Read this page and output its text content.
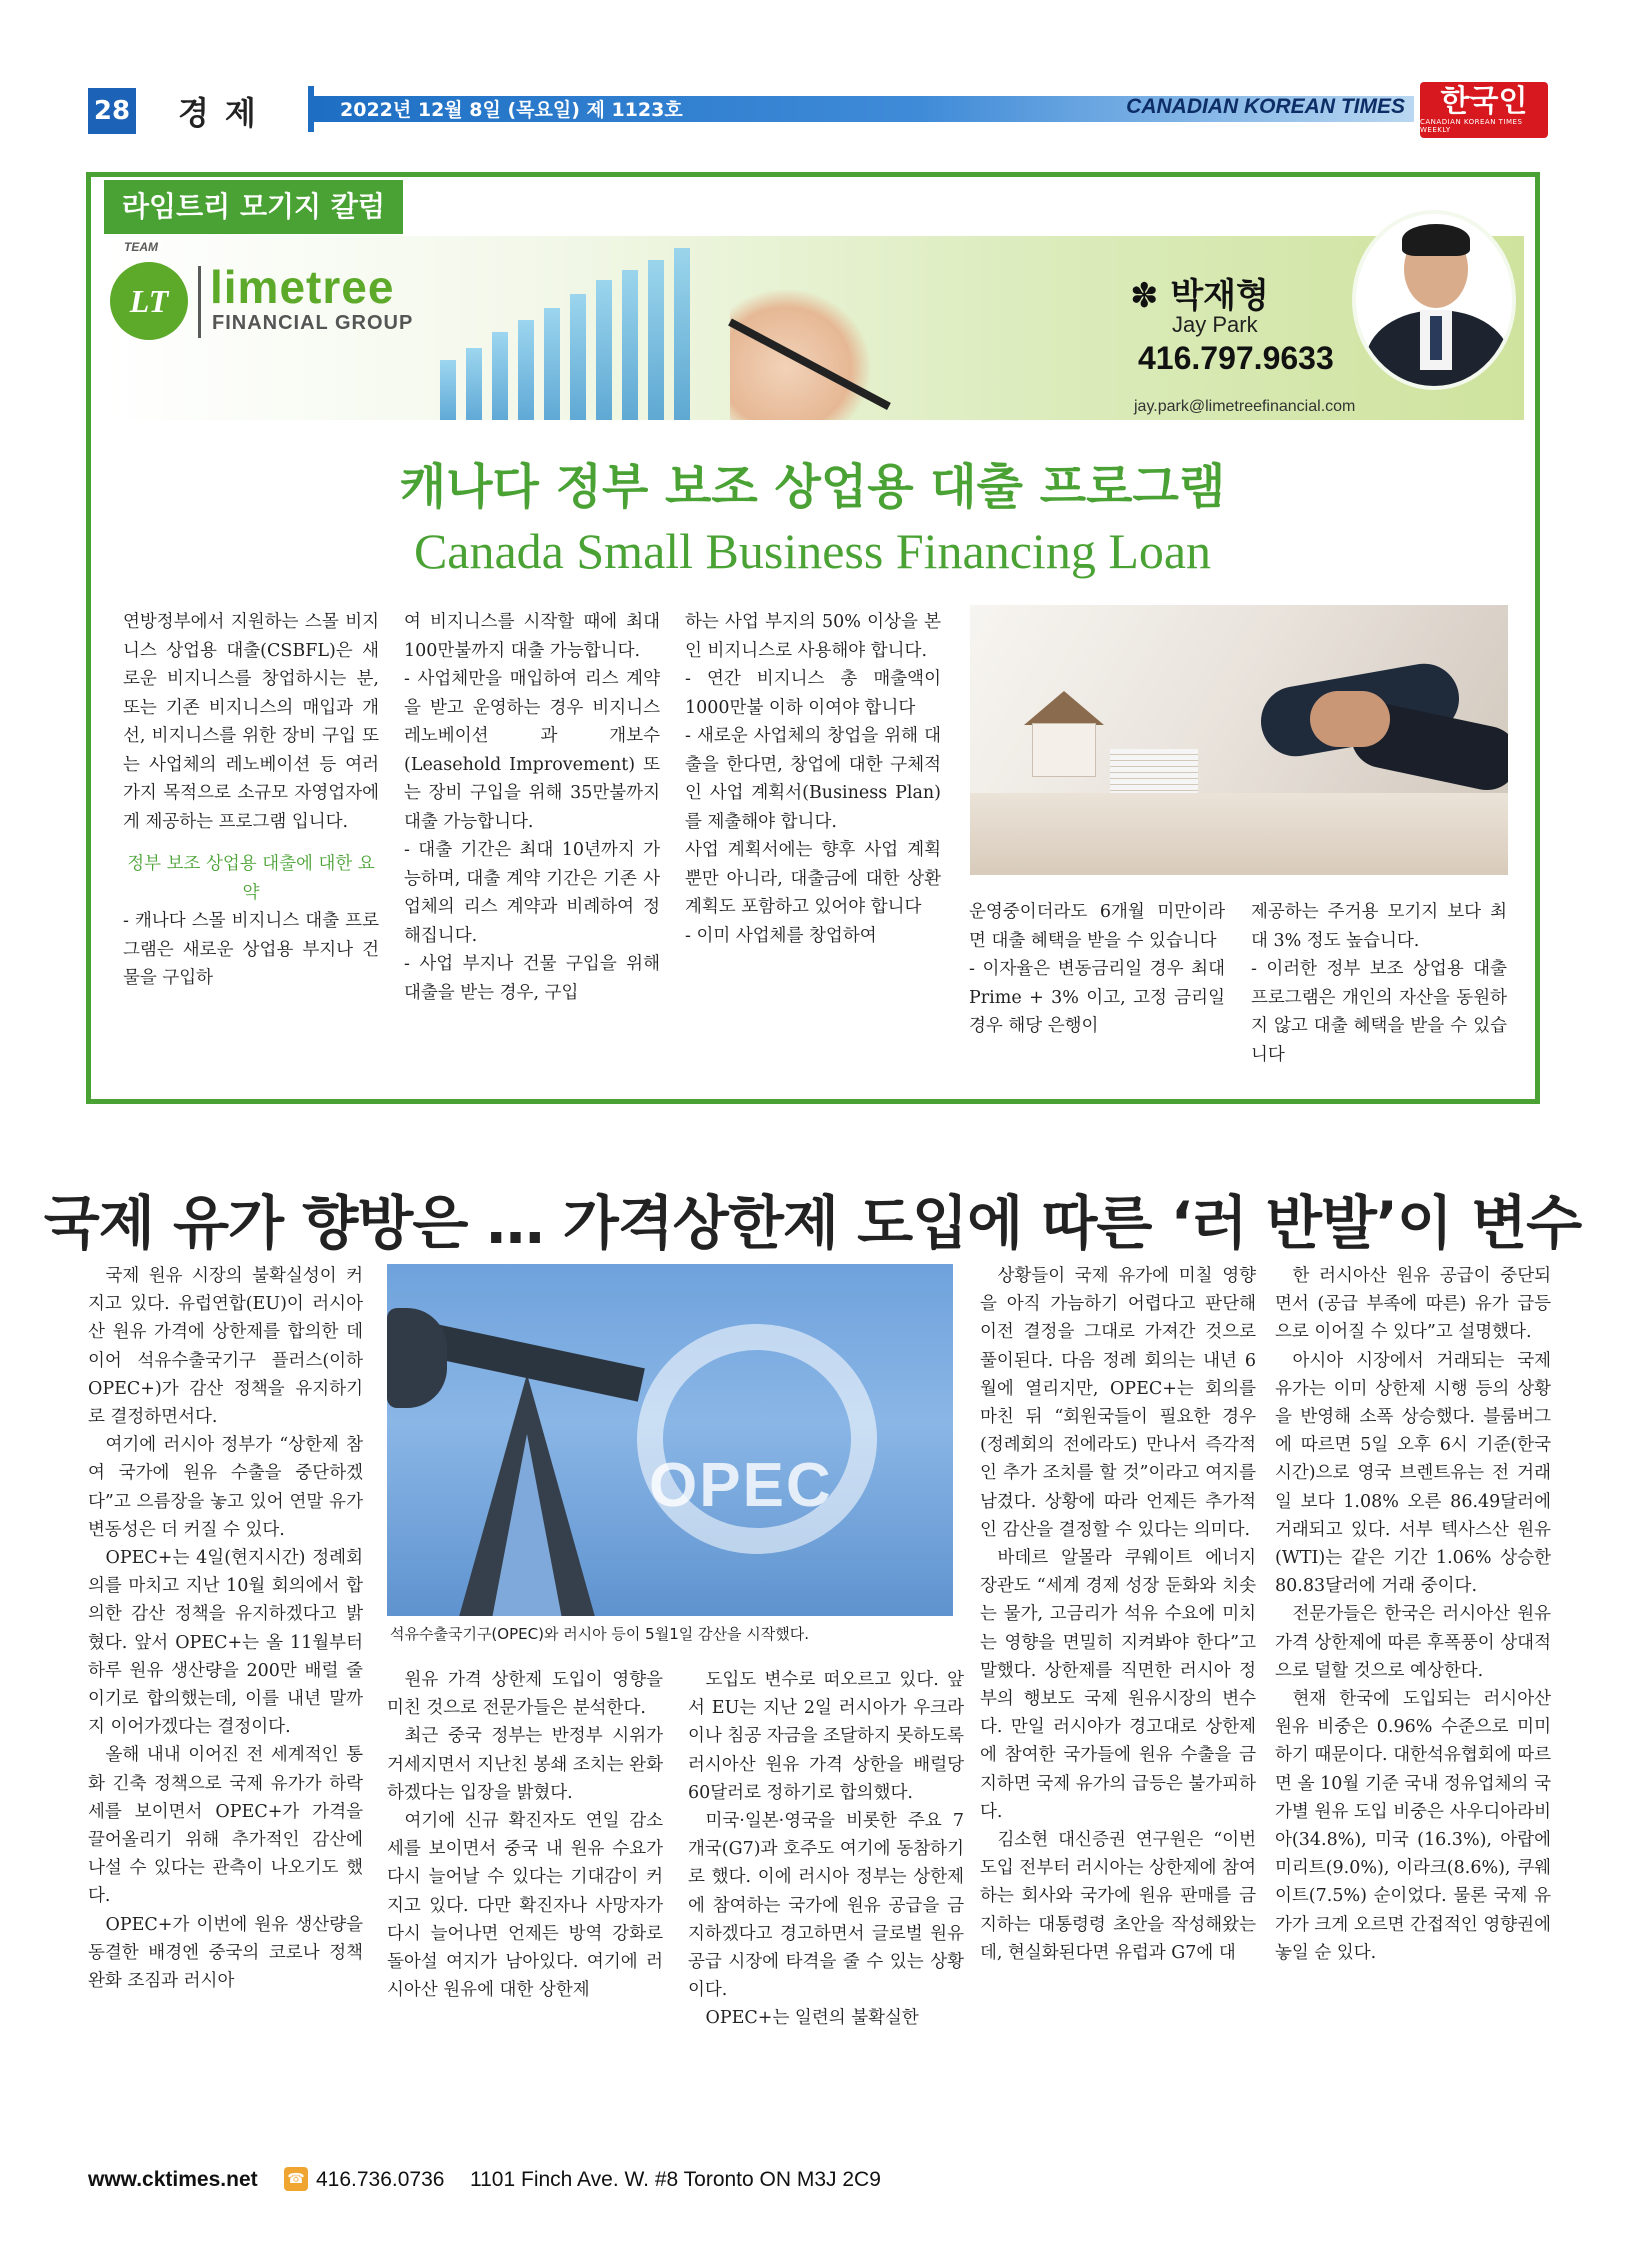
28 경제	2022년 12월 8일 (목요일) 제 1123호	CANADIAN KOREAN TIMES 한국인
CANADIAN KOREAN TIMES WEEKLY
라임트리 모기지 칼럼
TEAM
LT limetree
FINANCIAL GROUP
✽ 박재형
Jay Park
416.797.9633
jay.park@limetreefinancial.com
캐나다 정부 보조 상업용 대출 프로그램
Canada Small Business Financing Loan

연방정부에서 지원하는 스몰 비지니스 상업용 대출(CSBFL)은 새로운 비지니스를 창업하시는 분, 또는 기존 비지니스의 매입과 개선, 비지니스를 위한 장비 구입 또는 사업체의 레노베이션 등 여러 가지 목적으로 소규모 자영업자에게 제공하는 프로그램 입니다.

정부 보조 상업용 대출에 대한 요약

- 캐나다 스몰 비지니스 대출 프로그램은 새로운 상업용 부지나 건물을 구입하

여 비지니스를 시작할 때에 최대 100만불까지 대출 가능합니다.

- 사업체만을 매입하여 리스 계약을 받고 운영하는 경우 비지니스 레노베이션 과 개보수 (Leasehold Improvement) 또는 장비 구입을 위해 35만불까지 대출 가능합니다.

- 대출 기간은 최대 10년까지 가능하며, 대출 계약 기간은 기존 사업체의 리스 계약과 비례하여 정해집니다.

- 사업 부지나 건물 구입을 위해 대출을 받는 경우, 구입

하는 사업 부지의 50% 이상을 본인 비지니스로 사용해야 합니다.

- 연간 비지니스 총 매출액이 1000만불 이하 이여야 합니다

- 새로운 사업체의 창업을 위해 대출을 한다면, 창업에 대한 구체적인 사업 계획서(Business Plan)를 제출해야 합니다.

사업 계획서에는 향후 사업 계획뿐만 아니라, 대출금에 대한 상환 계획도 포함하고 있어야 합니다

- 이미 사업체를 창업하여

운영중이더라도 6개월 미만이라면 대출 혜택을 받을 수 있습니다

- 이자율은 변동금리일 경우 최대Prime + 3% 이고, 고정 금리일 경우 해당 은행이

제공하는 주거용 모기지 보다 최대 3% 정도 높습니다.

- 이러한 정부 보조 상업용 대출 프로그램은 개인의 자산을 동원하지 않고 대출 혜택을 받을 수 있습니다

국제 유가 향방은 … 가격상한제 도입에 따른 ‘러 반발’이 변수

국제 원유 시장의 불확실성이 커지고 있다. 유럽연합(EU)이 러시아산 원유 가격에 상한제를 합의한 데 이어 석유수출국기구 플러스(이하 OPEC+)가 감산 정책을 유지하기로 결정하면서다.

여기에 러시아 정부가 “상한제 참여 국가에 원유 수출을 중단하겠다”고 으름장을 놓고 있어 연말 유가 변동성은 더 커질 수 있다.

OPEC+는 4일(현지시간) 정례회의를 마치고 지난 10월 회의에서 합의한 감산 정책을 유지하겠다고 밝혔다. 앞서 OPEC+는 올 11월부터 하루 원유 생산량을 200만 배럴 줄이기로 합의했는데, 이를 내년 말까지 이어가겠다는 결정이다.

올해 내내 이어진 전 세계적인 통화 긴축 정책으로 국제 유가가 하락세를 보이면서 OPEC+가 가격을 끌어올리기 위해 추가적인 감산에 나설 수 있다는 관측이 나오기도 했다.

OPEC+가 이번에 원유 생산량을 동결한 배경엔 중국의 코로나 정책 완화 조짐과 러시아

OPEC
석유수출국기구(OPEC)와 러시아 등이 5월1일 감산을 시작했다.

원유 가격 상한제 도입이 영향을 미친 것으로 전문가들은 분석한다.

최근 중국 정부는 반정부 시위가 거세지면서 지난친 봉쇄 조치는 완화하겠다는 입장을 밝혔다.

여기에 신규 확진자도 연일 감소세를 보이면서 중국 내 원유 수요가 다시 늘어날 수 있다는 기대감이 커지고 있다. 다만 확진자나 사망자가 다시 늘어나면 언제든 방역 강화로 돌아설 여지가 남아있다. 여기에 러시아산 원유에 대한 상한제

도입도 변수로 떠오르고 있다. 앞서 EU는 지난 2일 러시아가 우크라이나 침공 자금을 조달하지 못하도록 러시아산 원유 가격 상한을 배럴당 60달러로 정하기로 합의했다.

미국·일본·영국을 비롯한 주요 7개국(G7)과 호주도 여기에 동참하기로 했다. 이에 러시아 정부는 상한제에 참여하는 국가에 원유 공급을 금지하겠다고 경고하면서 글로벌 원유 공급 시장에 타격을 줄 수 있는 상황이다.

OPEC+는 일련의 불확실한

상황들이 국제 유가에 미칠 영향을 아직 가늠하기 어렵다고 판단해 이전 결정을 그대로 가져간 것으로 풀이된다. 다음 정례 회의는 내년 6월에 열리지만, OPEC+는 회의를 마친 뒤 “회원국들이 필요한 경우 (정례회의 전에라도) 만나서 즉각적인 추가 조치를 할 것”이라고 여지를 남겼다. 상황에 따라 언제든 추가적인 감산을 결정할 수 있다는 의미다.

바데르 알몰라 쿠웨이트 에너지 장관도 “세계 경제 성장 둔화와 치솟는 물가, 고금리가 석유 수요에 미치는 영향을 면밀히 지켜봐야 한다”고 말했다. 상한제를 직면한 러시아 정부의 행보도 국제 원유시장의 변수다. 만일 러시아가 경고대로 상한제에 참여한 국가들에 원유 수출을 금지하면 국제 유가의 급등은 불가피하다.

김소현 대신증권 연구원은 “이번 도입 전부터 러시아는 상한제에 참여하는 회사와 국가에 원유 판매를 금지하는 대통령령 초안을 작성해왔는데, 현실화된다면 유럽과 G7에 대

한 러시아산 원유 공급이 중단되면서 (공급 부족에 따른) 유가 급등으로 이어질 수 있다”고 설명했다.

아시아 시장에서 거래되는 국제 유가는 이미 상한제 시행 등의 상황을 반영해 소폭 상승했다. 블룸버그에 따르면 5일 오후 6시 기준(한국시간)으로 영국 브렌트유는 전 거래일 보다 1.08% 오른 86.49달러에 거래되고 있다. 서부 텍사스산 원유(WTI)는 같은 기간 1.06% 상승한 80.83달러에 거래 중이다.

전문가들은 한국은 러시아산 원유 가격 상한제에 따른 후폭풍이 상대적으로 덜할 것으로 예상한다.

현재 한국에 도입되는 러시아산 원유 비중은 0.96% 수준으로 미미하기 때문이다. 대한석유협회에 따르면 올 10월 기준 국내 정유업체의 국가별 원유 도입 비중은 사우디아라비아(34.8%), 미국 (16.3%), 아랍에미리트(9.0%), 이라크(8.6%), 쿠웨이트(7.5%) 순이었다. 물론 국제 유가가 크게 오르면 간접적인 영향권에 놓일 순 있다.

www.cktimes.net ☎ 416.736.0736 1101 Finch Ave. W. #8 Toronto ON M3J 2C9
